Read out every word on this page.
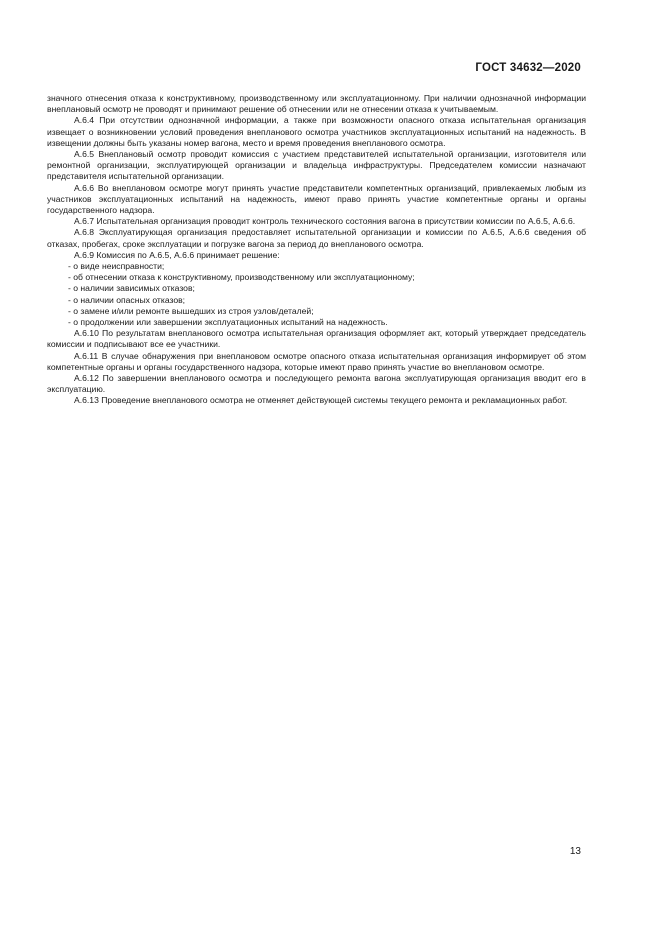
ГОСТ 34632—2020

значного отнесения отказа к конструктивному, производственному или эксплуатационному. При наличии однозначной информации внеплановый осмотр не проводят и принимают решение об отнесении или не отнесении отказа к учитываемым.

А.6.4 При отсутствии однозначной информации, а также при возможности опасного отказа испытательная организация извещает о возникновении условий проведения внепланового осмотра участников эксплуатационных испытаний на надежность. В извещении должны быть указаны номер вагона, место и время проведения внепланового осмотра.

А.6.5 Внеплановый осмотр проводит комиссия с участием представителей испытательной организации, изготовителя или ремонтной организации, эксплуатирующей организации и владельца инфраструктуры. Председателем комиссии назначают представителя испытательной организации.

А.6.6 Во внеплановом осмотре могут принять участие представители компетентных организаций, привлекаемых любым из участников эксплуатационных испытаний на надежность, имеют право принять участие компетентные органы и органы государственного надзора.

А.6.7 Испытательная организация проводит контроль технического состояния вагона в присутствии комиссии по А.6.5, А.6.6.

А.6.8 Эксплуатирующая организация предоставляет испытательной организации и комиссии по А.6.5, А.6.6 сведения об отказах, пробегах, сроке эксплуатации и погрузке вагона за период до внепланового осмотра.

А.6.9 Комиссия по А.6.5, А.6.6 принимает решение:

- о виде неисправности;

- об отнесении отказа к конструктивному, производственному или эксплуатационному;

- о наличии зависимых отказов;

- о наличии опасных отказов;

- о замене и/или ремонте вышедших из строя узлов/деталей;

- о продолжении или завершении эксплуатационных испытаний на надежность.

А.6.10 По результатам внепланового осмотра испытательная организация оформляет акт, который утверждает председатель комиссии и подписывают все ее участники.

А.6.11 В случае обнаружения при внеплановом осмотре опасного отказа испытательная организация информирует об этом компетентные органы и органы государственного надзора, которые имеют право принять участие во внеплановом осмотре.

А.6.12 По завершении внепланового осмотра и последующего ремонта вагона эксплуатирующая организация вводит его в эксплуатацию.

А.6.13 Проведение внепланового осмотра не отменяет действующей системы текущего ремонта и рекламационных работ.

13
